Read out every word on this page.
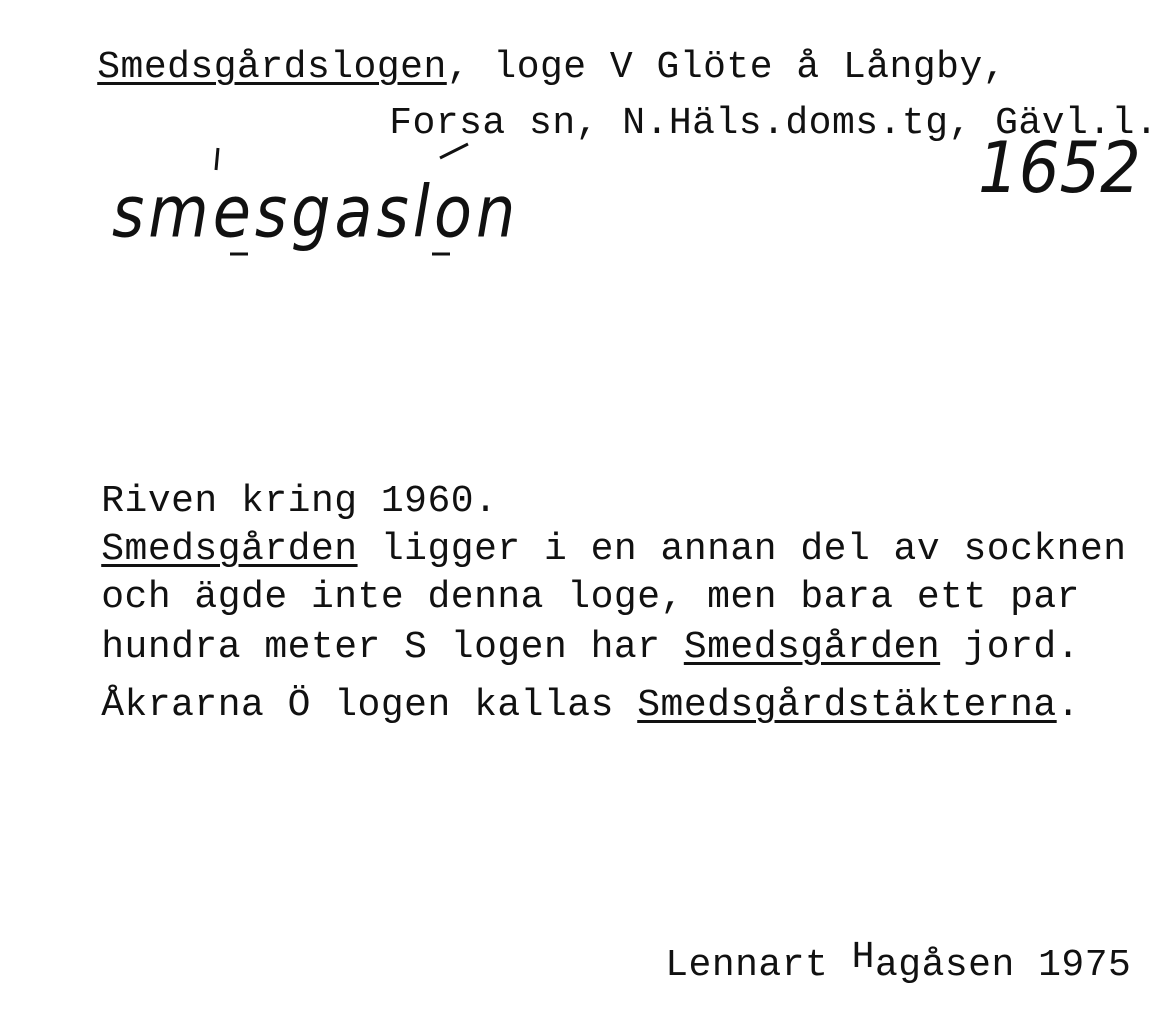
Smedsgårdslogen, loge V Glöte å Långby,

Forsa sn, N.Häls.doms.tg, Gävl.l.

smesgaslon
1652

Riven kring 1960.

Smedsgården ligger i en annan del av socknen

och ägde inte denna loge, men bara ett par

hundra meter S logen har Smedsgården jord.

Åkrarna Ö logen kallas Smedsgårdstäkterna.

Lennart Hagåsen 1975
